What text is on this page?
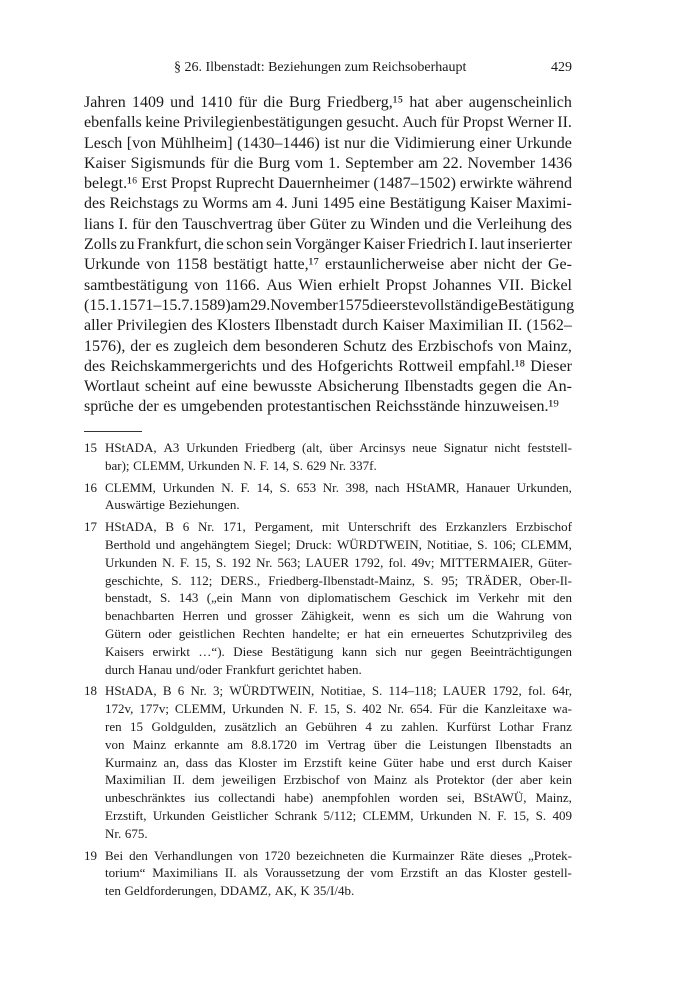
§ 26. Ilbenstadt: Beziehungen zum Reichsoberhaupt	429
Jahren 1409 und 1410 für die Burg Friedberg,¹⁵ hat aber augenscheinlich
ebenfalls keine Privilegienbestätigungen gesucht. Auch für Propst Werner II.
Lesch [von Mühlheim] (1430–1446) ist nur die Vidimierung einer Urkunde
Kaiser Sigismunds für die Burg vom 1. September am 22. November 1436
belegt.¹⁶ Erst Propst Ruprecht Dauernheimer (1487–1502) erwirkte während
des Reichstags zu Worms am 4. Juni 1495 eine Bestätigung Kaiser Maximi-
lians I. für den Tauschvertrag über Güter zu Winden und die Verleihung des
Zolls zu Frankfurt, die schon sein Vorgänger Kaiser Friedrich I. laut inserierter
Urkunde von 1158 bestätigt hatte,¹⁷ erstaunlicherweise aber nicht der Ge-
samtbestätigung von 1166. Aus Wien erhielt Propst Johannes VII. Bickel
(15.1.1571–15.7.1589) am 29. November 1575 die erste vollständige Bestätigung
aller Privilegien des Klosters Ilbenstadt durch Kaiser Maximilian II. (1562–
1576), der es zugleich dem besonderen Schutz des Erzbischofs von Mainz,
des Reichskammergerichts und des Hofgerichts Rottweil empfahl.¹⁸ Dieser
Wortlaut scheint auf eine bewusste Absicherung Ilbenstadts gegen die An-
sprüche der es umgebenden protestantischen Reichsstände hinzuweisen.¹⁹
15 HStADA, A3 Urkunden Friedberg (alt, über Arcinsys neue Signatur nicht feststell-
bar); CLEMM, Urkunden N. F. 14, S. 629 Nr. 337f.
16 CLEMM, Urkunden N. F. 14, S. 653 Nr. 398, nach HStAMR, Hanauer Urkunden,
Auswärtige Beziehungen.
17 HStADA, B 6 Nr. 171, Pergament, mit Unterschrift des Erzkanzlers Erzbischof
Berthold und angehängtem Siegel; Druck: WÜRDTWEIN, Notitiae, S. 106; CLEMM,
Urkunden N. F. 15, S. 192 Nr. 563; LAUER 1792, fol. 49v; MITTERMAIER, Güter-
geschichte, S. 112; DERS., Friedberg-Ilbenstadt-Mainz, S. 95; TRÄDER, Ober-Il-
benstadt, S. 143 („ein Mann von diplomatischem Geschick im Verkehr mit den
benachbarten Herren und grosser Zähigkeit, wenn es sich um die Wahrung von
Gütern oder geistlichen Rechten handelte; er hat ein erneuertes Schutzprivileg des
Kaisers erwirkt …“). Diese Bestätigung kann sich nur gegen Beeinträchtigungen
durch Hanau und/oder Frankfurt gerichtet haben.
18 HStADA, B 6 Nr. 3; WÜRDTWEIN, Notitiae, S. 114–118; LAUER 1792, fol. 64r,
172v, 177v; CLEMM, Urkunden N. F. 15, S. 402 Nr. 654. Für die Kanzleitaxe wa-
ren 15 Goldgulden, zusätzlich an Gebühren 4 zu zahlen. Kurfürst Lothar Franz
von Mainz erkannte am 8.8.1720 im Vertrag über die Leistungen Ilbenstadts an
Kurmainz an, dass das Kloster im Erzstift keine Güter habe und erst durch Kaiser
Maximilian II. dem jeweiligen Erzbischof von Mainz als Protektor (der aber kein
unbeschränktes ius collectandi habe) anempfohlen worden sei, BStAWÜ, Mainz,
Erzstift, Urkunden Geistlicher Schrank 5/112; CLEMM, Urkunden N. F. 15, S. 409
Nr. 675.
19 Bei den Verhandlungen von 1720 bezeichneten die Kurmainzer Räte dieses „Protek-
torium“ Maximilians II. als Voraussetzung der vom Erzstift an das Kloster gestell-
ten Geldforderungen, DDAMZ, AK, K 35/I/4b.
